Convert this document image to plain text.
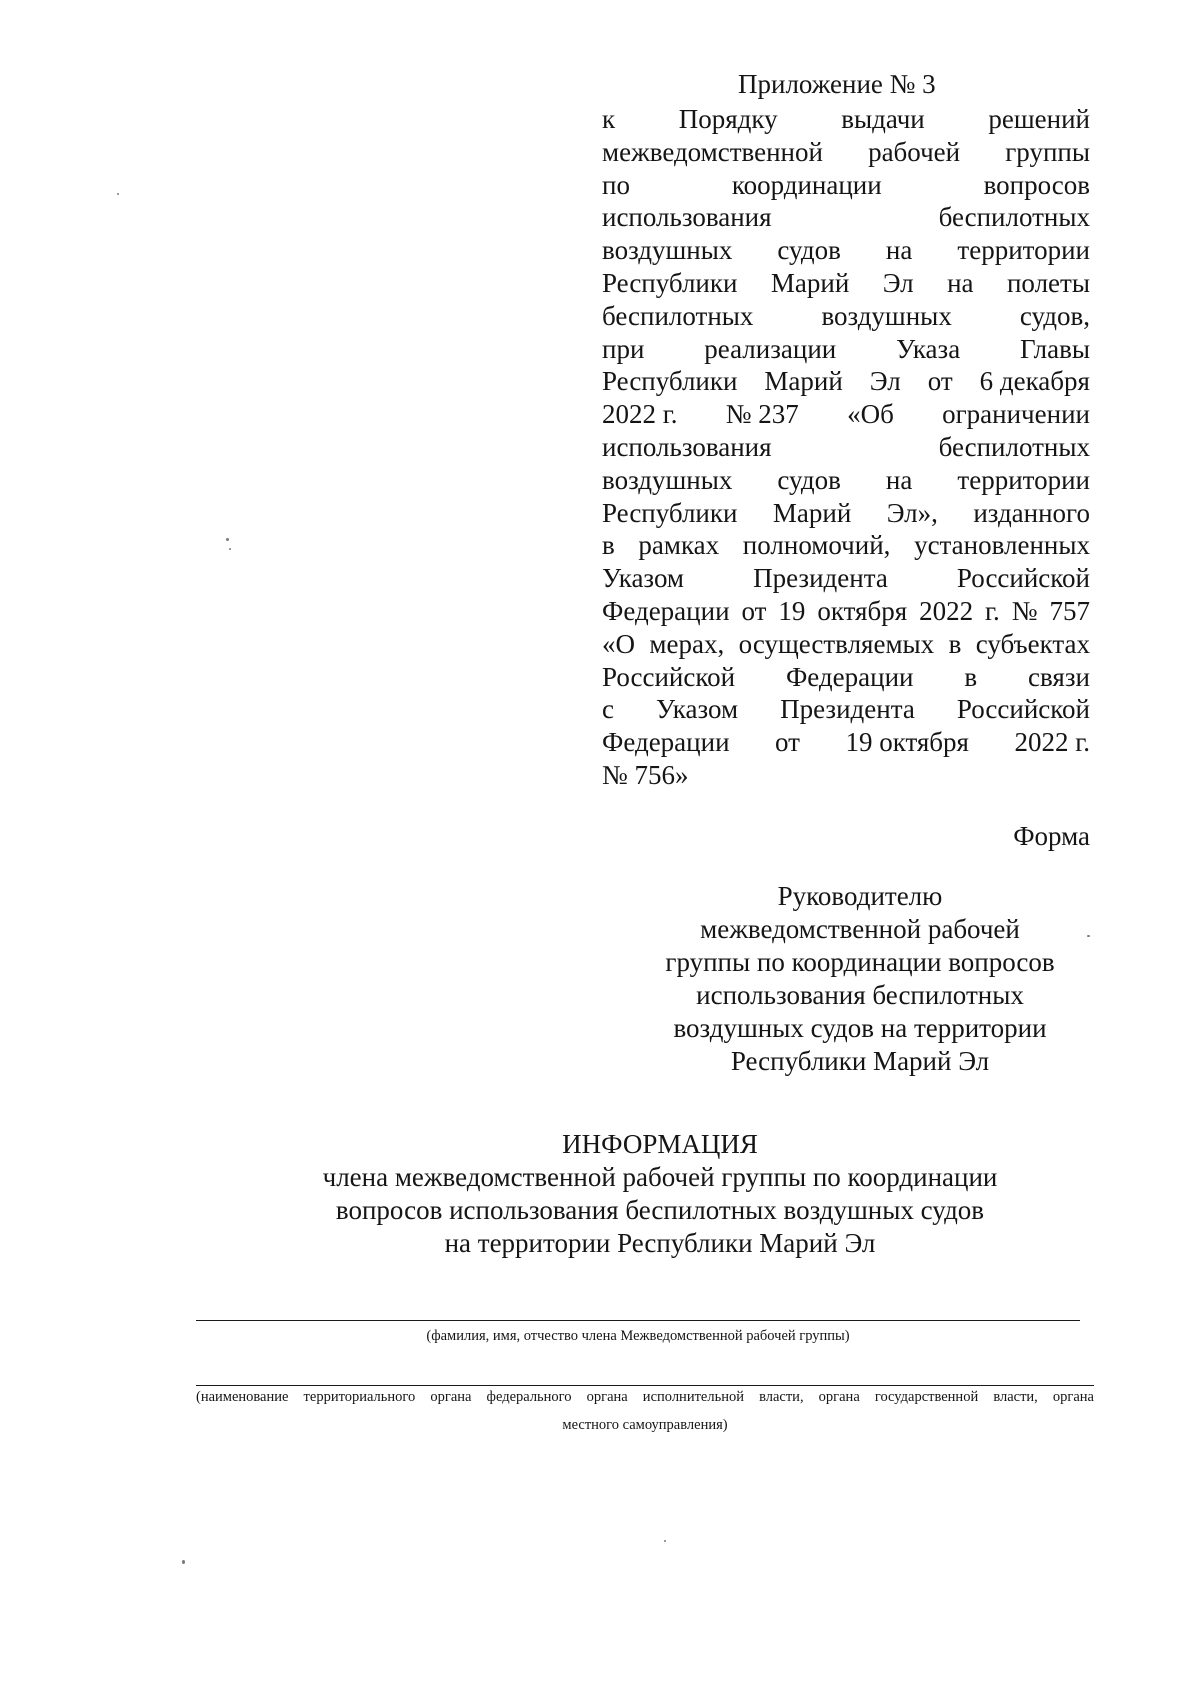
Приложение № 3
к Порядку выдачи решений
межведомственной рабочей группы
по	координации	вопросов
использования	беспилотных
воздушных судов на территории
Республики Марий Эл на полеты
беспилотных	воздушных	судов,
при реализации Указа Главы
Республики Марий Эл от 6 декабря
2022 г. № 237 «Об ограничении
использования	беспилотных
воздушных судов на территории
Республики Марий Эл», изданного
в рамках полномочий, установленных
Указом	Президента	Российской
Федерации от 19 октября 2022 г. № 757
«О мерах, осуществляемых в субъектах
Российской Федерации в связи
с Указом Президента Российской
Федерации от 19 октября 2022 г.
№ 756»
Форма
Руководителю
межведомственной рабочей
группы по координации вопросов
использования беспилотных
воздушных судов на территории
Республики Марий Эл
ИНФОРМАЦИЯ
члена межведомственной рабочей группы по координации
вопросов использования беспилотных воздушных судов
на территории Республики Марий Эл
(фамилия, имя, отчество члена Межведомственной рабочей группы)
(наименование территориального органа федерального органа исполнительной власти, органа государственной власти, органа
местного самоуправления)
